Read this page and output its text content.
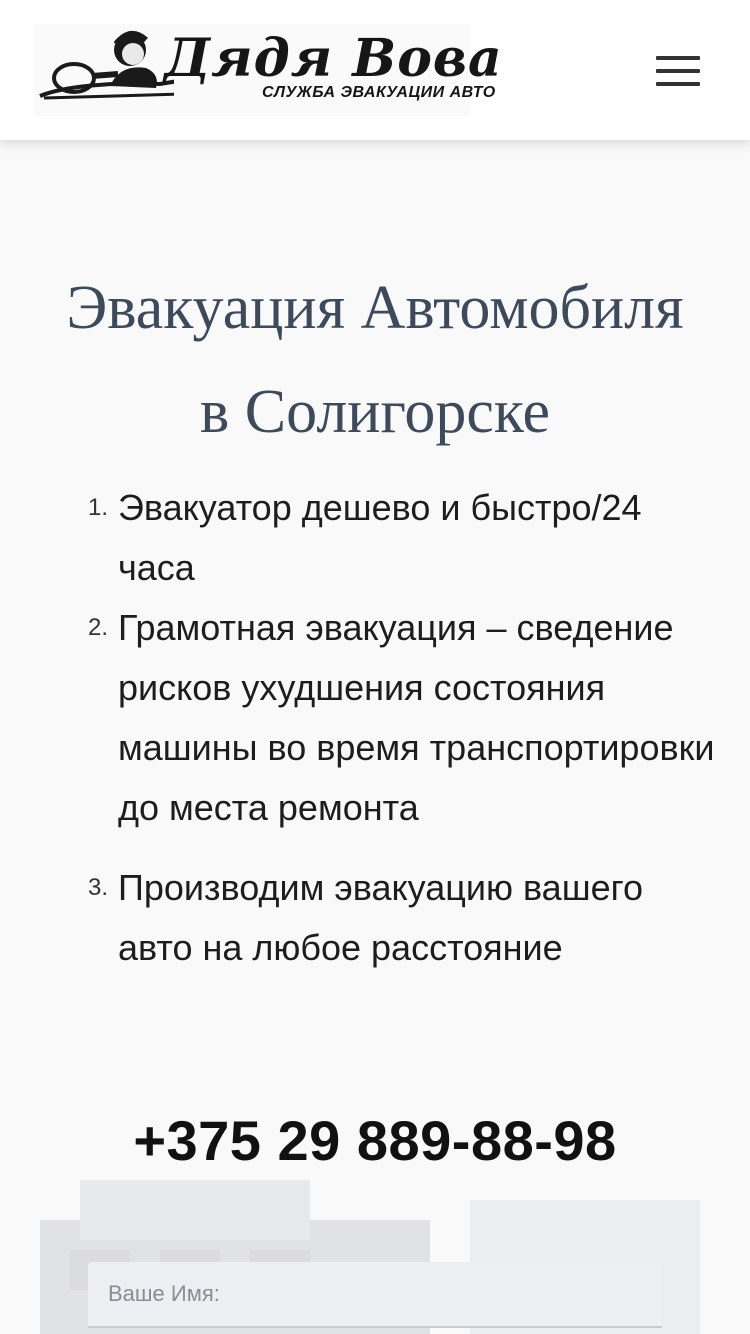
Дядя Вова
СЛУЖБА ЭВАКУАЦИИ АВТО
Эвакуация Автомобиля
в Солигорске
1. Эвакуатор дешево и быстро/24 часа
2. Грамотная эвакуация – сведение рисков ухудшения состояния машины во время транспортировки до места ремонта
3. Производим эвакуацию вашего авто на любое расстояние
+375 29 889-88-98
Ваше Имя:
